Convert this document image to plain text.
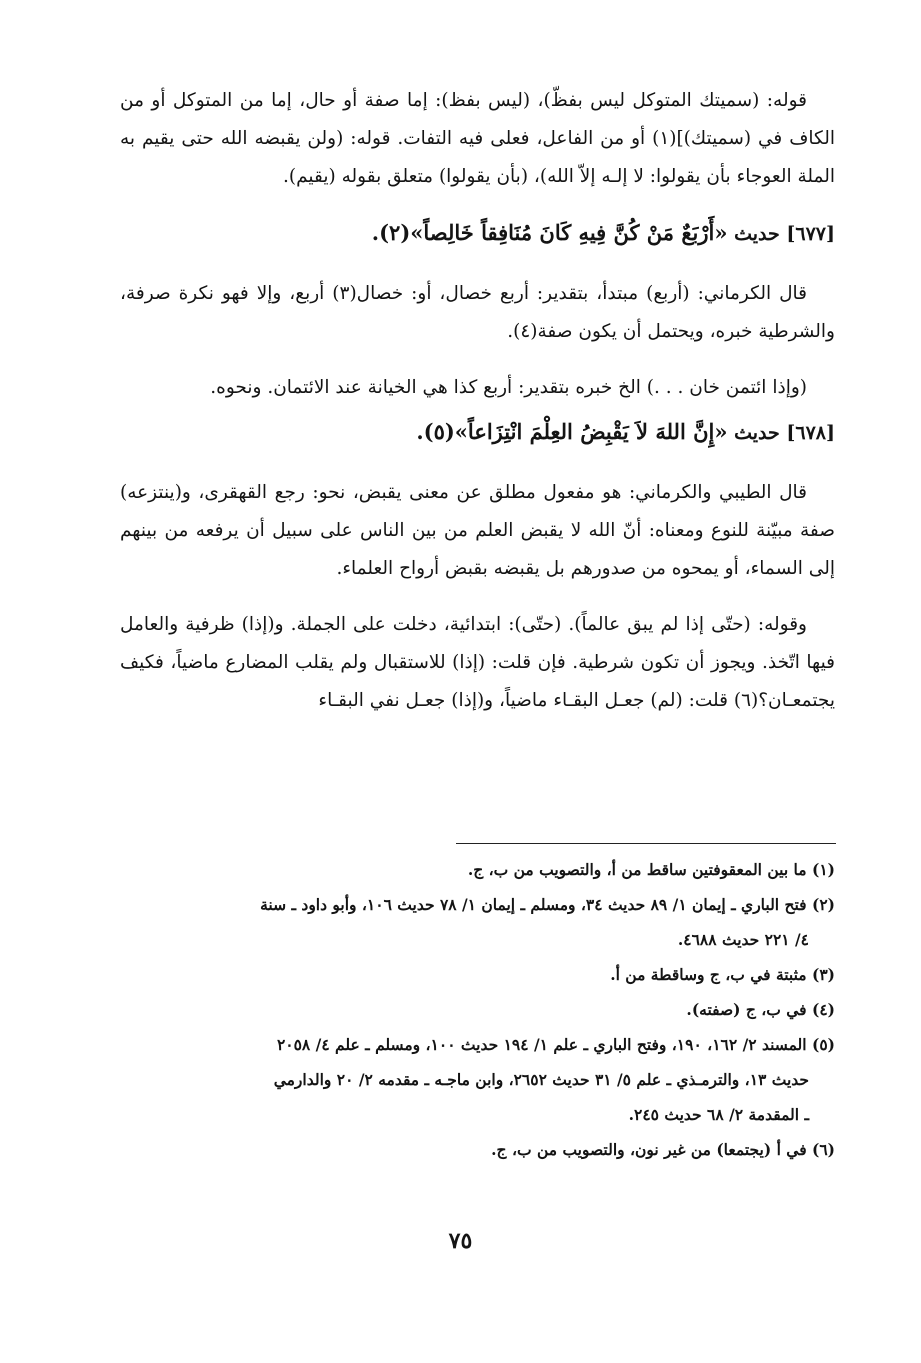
قوله: (سميتك المتوكل ليس بفظّ)، (ليس بفظ): إما صفة أو حال، إما من المتوكل أو من الكاف في (سميتك)](١) أو من الفاعل، فعلى فيه التفات. قوله: (ولن يقبضه الله حتى يقيم به الملة العوجاء بأن يقولوا: لا إلـه إلاّ الله)، (بأن يقولوا) متعلق بقوله (يقيم).

[٦٧٧] حديث «أَرْبَعٌ مَنْ كُنَّ فِيهِ كَانَ مُنَافِقاً خَالِصاً»(٢).

قال الكرماني: (أربع) مبتدأ، بتقدير: أربع خصال، أو: خصال(٣) أربع، وإلا فهو نكرة صرفة، والشرطية خبره، ويحتمل أن يكون صفة(٤).

(وإذا ائتمن خان . . .) الخ خبره بتقدير: أربع كذا هي الخيانة عند الائتمان. ونحوه.

[٦٧٨] حديث «إِنَّ اللهَ لاَ يَقْبِضُ العِلْمَ انْتِزَاعاً»(٥).

قال الطيبي والكرماني: هو مفعول مطلق عن معنى يقبض، نحو: رجع القهقرى، و(ينتزعه) صفة مبيّنة للنوع ومعناه: أنّ الله لا يقبض العلم من بين الناس على سبيل أن يرفعه من بينهم إلى السماء، أو يمحوه من صدورهم بل يقبضه بقبض أرواح العلماء.

وقوله: (حتّى إذا لم يبق عالماً). (حتّى): ابتدائية، دخلت على الجملة. و(إذا) ظرفية والعامل فيها اتّخذ. ويجوز أن تكون شرطية. فإن قلت: (إذا) للاستقبال ولم يقلب المضارع ماضياً، فكيف يجتمعـان؟(٦) قلت: (لم) جعـل البقـاء ماضياً، و(إذا) جعـل نفي البقـاء

(١) ما بين المعقوفتين ساقط من أ، والتصويب من ب، ج.

(٢) فتح الباري ـ إيمان ١/ ٨٩ حديث ٣٤، ومسلم ـ إيمان ١/ ٧٨ حديث ١٠٦، وأبو داود ـ سنة

٤/ ٢٢١ حديث ٤٦٨٨.

(٣) مثبتة في ب، ج وساقطة من أ.

(٤) في ب، ج (صفته).

(٥) المسند ٢/ ١٦٢، ١٩٠، وفتح الباري ـ علم ١/ ١٩٤ حديث ١٠٠، ومسلم ـ علم ٤/ ٢٠٥٨

حديث ١٣، والترمـذي ـ علم ٥/ ٣١ حديث ٢٦٥٢، وابن ماجـه ـ مقدمه ٢/ ٢٠ والدارمي

ـ المقدمة ٢/ ٦٨ حديث ٢٤٥.

(٦) في أ (يجتمعا) من غير نون، والتصويب من ب، ج.

٧٥
